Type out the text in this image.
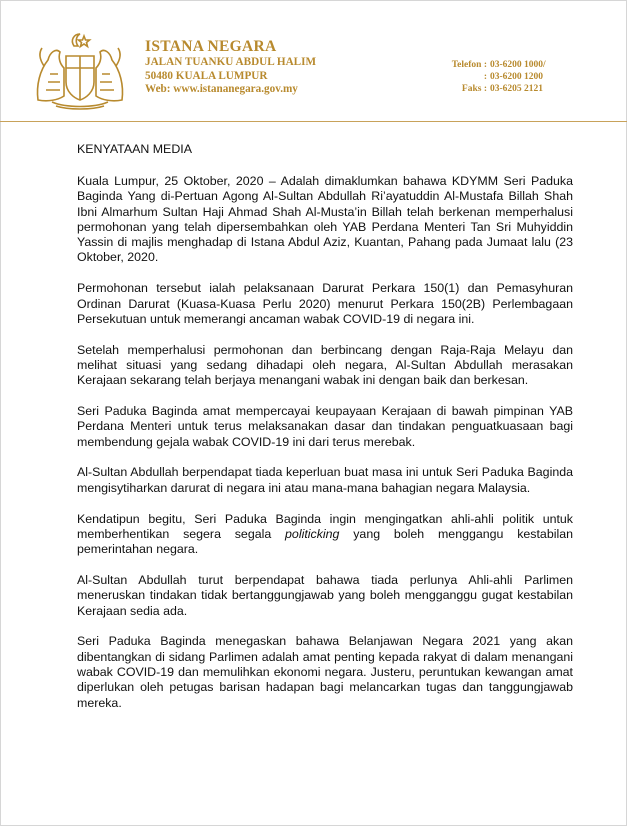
ISTANA NEGARA
JALAN TUANKU ABDUL HALIM
50480 KUALA LUMPUR
Web: www.istananegara.gov.my
Telefon : 03-6200 1000/
: 03-6200 1200
Faks : 03-6205 2121
KENYATAAN MEDIA

Kuala Lumpur, 25 Oktober, 2020 – Adalah dimaklumkan bahawa KDYMM Seri Paduka Baginda Yang di-Pertuan Agong Al-Sultan Abdullah Ri’ayatuddin Al-Mustafa Billah Shah Ibni Almarhum Sultan Haji Ahmad Shah Al-Musta’in Billah telah berkenan memperhalusi permohonan yang telah dipersembahkan oleh YAB Perdana Menteri Tan Sri Muhyiddin Yassin di majlis menghadap di Istana Abdul Aziz, Kuantan, Pahang pada Jumaat lalu (23 Oktober, 2020.

Permohonan tersebut ialah pelaksanaan Darurat Perkara 150(1) dan Pemasyhuran Ordinan Darurat (Kuasa-Kuasa Perlu 2020) menurut Perkara 150(2B) Perlembagaan Persekutuan untuk memerangi ancaman wabak COVID-19 di negara ini.

Setelah memperhalusi permohonan dan berbincang dengan Raja-Raja Melayu dan melihat situasi yang sedang dihadapi oleh negara, Al-Sultan Abdullah merasakan Kerajaan sekarang telah berjaya menangani wabak ini dengan baik dan berkesan.

Seri Paduka Baginda amat mempercayai keupayaan Kerajaan di bawah pimpinan YAB Perdana Menteri untuk terus melaksanakan dasar dan tindakan penguatkuasaan bagi membendung gejala wabak COVID-19 ini dari terus merebak.

Al-Sultan Abdullah berpendapat tiada keperluan buat masa ini untuk Seri Paduka Baginda mengisytiharkan darurat di negara ini atau mana-mana bahagian negara Malaysia.

Kendatipun begitu, Seri Paduka Baginda ingin mengingatkan ahli-ahli politik untuk memberhentikan segera segala politicking yang boleh menggangu kestabilan pemerintahan negara.

Al-Sultan Abdullah turut berpendapat bahawa tiada perlunya Ahli-ahli Parlimen meneruskan tindakan tidak bertanggungjawab yang boleh mengganggu gugat kestabilan Kerajaan sedia ada.

Seri Paduka Baginda menegaskan bahawa Belanjawan Negara 2021 yang akan dibentangkan di sidang Parlimen adalah amat penting kepada rakyat di dalam menangani wabak COVID-19 dan memulihkan ekonomi negara. Justeru, peruntukan kewangan amat diperlukan oleh petugas barisan hadapan bagi melancarkan tugas dan tanggungjawab mereka.
